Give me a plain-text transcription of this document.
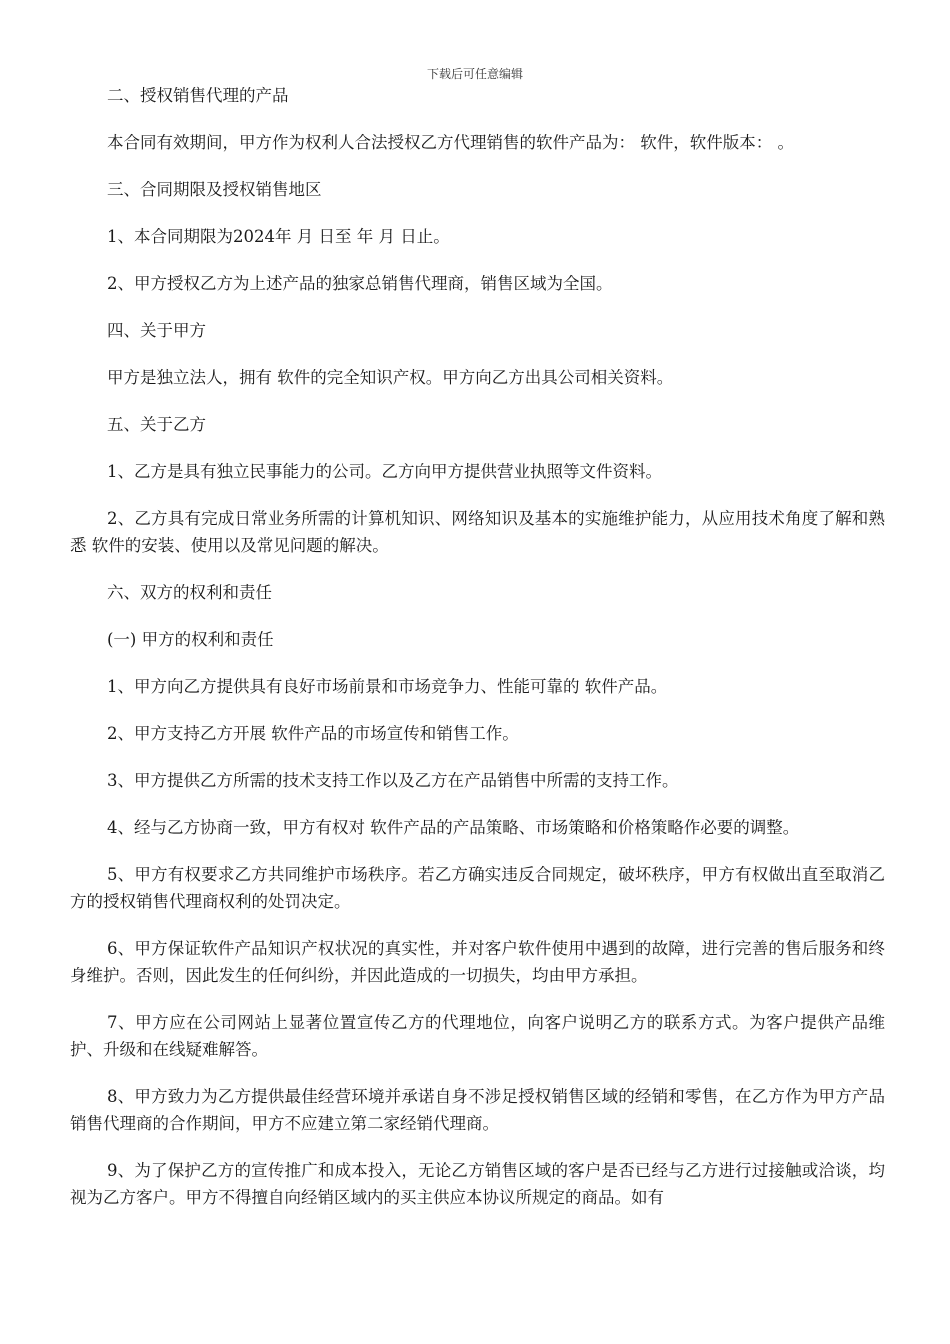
下载后可任意编辑

二、授权销售代理的产品

本合同有效期间，甲方作为权利人合法授权乙方代理销售的软件产品为： 软件，软件版本： 。

三、合同期限及授权销售地区

1、本合同期限为2024年 月 日至 年 月 日止。

2、甲方授权乙方为上述产品的独家总销售代理商，销售区域为全国。

四、关于甲方

甲方是独立法人，拥有 软件的完全知识产权。甲方向乙方出具公司相关资料。

五、关于乙方

1、乙方是具有独立民事能力的公司。乙方向甲方提供营业执照等文件资料。

2、乙方具有完成日常业务所需的计算机知识、网络知识及基本的实施维护能力，从应用技术角度了解和熟悉 软件的安装、使用以及常见问题的解决。

六、双方的权利和责任

(一) 甲方的权利和责任

1、甲方向乙方提供具有良好市场前景和市场竞争力、性能可靠的 软件产品。

2、甲方支持乙方开展 软件产品的市场宣传和销售工作。

3、甲方提供乙方所需的技术支持工作以及乙方在产品销售中所需的支持工作。

4、经与乙方协商一致，甲方有权对 软件产品的产品策略、市场策略和价格策略作必要的调整。

5、甲方有权要求乙方共同维护市场秩序。若乙方确实违反合同规定，破坏秩序，甲方有权做出直至取消乙方的授权销售代理商权利的处罚决定。

6、甲方保证软件产品知识产权状况的真实性，并对客户软件使用中遇到的故障，进行完善的售后服务和终身维护。否则，因此发生的任何纠纷，并因此造成的一切损失，均由甲方承担。

7、甲方应在公司网站上显著位置宣传乙方的代理地位，向客户说明乙方的联系方式。为客户提供产品维护、升级和在线疑难解答。

8、甲方致力为乙方提供最佳经营环境并承诺自身不涉足授权销售区域的经销和零售，在乙方作为甲方产品销售代理商的合作期间，甲方不应建立第二家经销代理商。

9、为了保护乙方的宣传推广和成本投入，无论乙方销售区域的客户是否已经与乙方进行过接触或洽谈，均视为乙方客户。甲方不得擅自向经销区域内的买主供应本协议所规定的商品。如有
